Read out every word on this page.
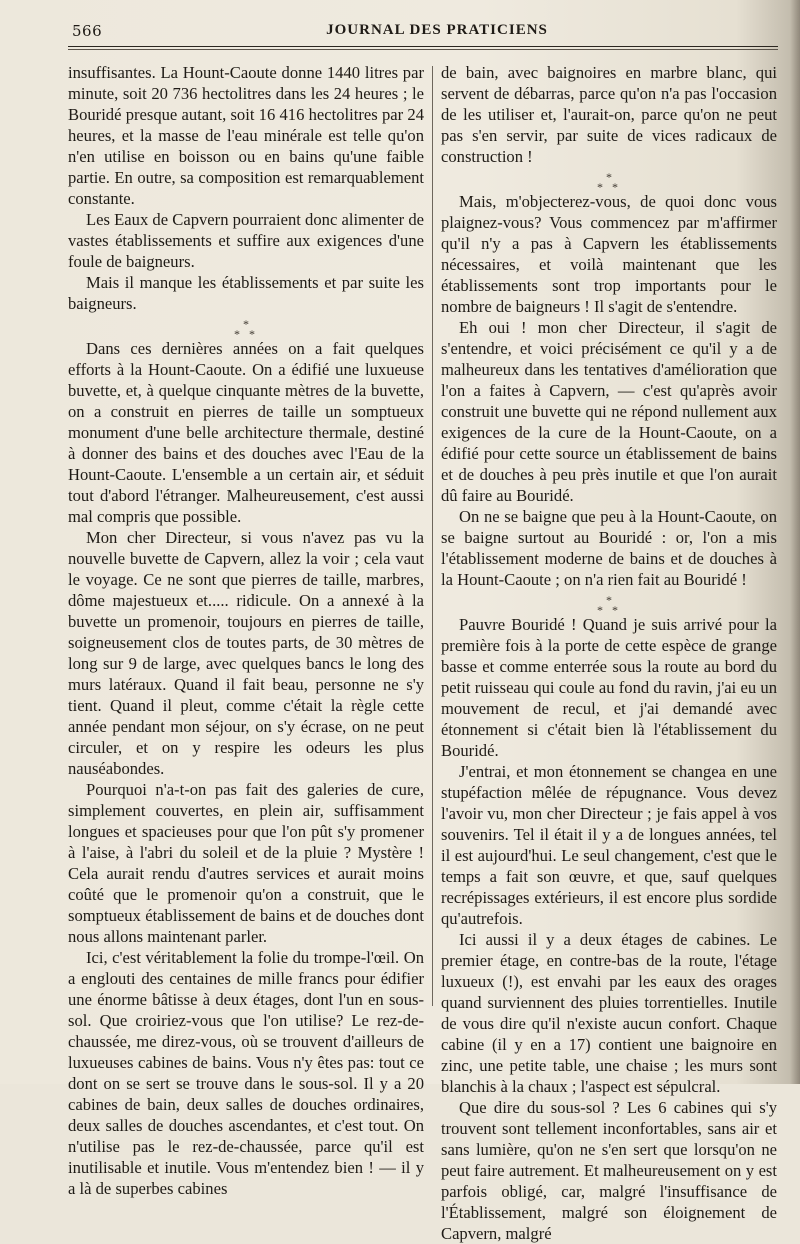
566	JOURNAL DES PRATICIENS

insuffisantes. La Hount-Caoute donne 1440 litres par minute, soit 20 736 hectolitres dans les 24 heures ; le Bouridé presque autant, soit 16 416 hectolitres par 24 heures, et la masse de l'eau minérale est telle qu'on n'en utilise en boisson ou en bains qu'une faible partie. En outre, sa composition est remarquablement constante.

Les Eaux de Capvern pourraient donc alimenter de vastes établissements et suffire aux exigences d'une foule de baigneurs.

Mais il manque les établissements et par suite les baigneurs.

*
* *

Dans ces dernières années on a fait quelques efforts à la Hount-Caoute. On a édifié une luxueuse buvette, et, à quelque cinquante mètres de la buvette, on a construit en pierres de taille un somptueux monument d'une belle architecture thermale, destiné à donner des bains et des douches avec l'Eau de la Hount-Caoute. L'ensemble a un certain air, et séduit tout d'abord l'étranger. Malheureusement, c'est aussi mal compris que possible.

Mon cher Directeur, si vous n'avez pas vu la nouvelle buvette de Capvern, allez la voir ; cela vaut le voyage. Ce ne sont que pierres de taille, marbres, dôme majestueux et..... ridicule. On a annexé à la buvette un promenoir, toujours en pierres de taille, soigneusement clos de toutes parts, de 30 mètres de long sur 9 de large, avec quelques bancs le long des murs latéraux. Quand il fait beau, personne ne s'y tient. Quand il pleut, comme c'était la règle cette année pendant mon séjour, on s'y écrase, on ne peut circuler, et on y respire les odeurs les plus nauséabondes.

Pourquoi n'a-t-on pas fait des galeries de cure, simplement couvertes, en plein air, suffisamment longues et spacieuses pour que l'on pût s'y promener à l'aise, à l'abri du soleil et de la pluie ? Mystère ! Cela aurait rendu d'autres services et aurait moins coûté que le promenoir qu'on a construit, que le somptueux établissement de bains et de douches dont nous allons maintenant parler.

Ici, c'est véritablement la folie du trompe-l'œil. On a englouti des centaines de mille francs pour édifier une énorme bâtisse à deux étages, dont l'un en sous-sol. Que croiriez-vous que l'on utilise? Le rez-de-chaussée, me direz-vous, où se trouvent d'ailleurs de luxueuses cabines de bains. Vous n'y êtes pas: tout ce dont on se sert se trouve dans le sous-sol. Il y a 20 cabines de bain, deux salles de douches ordinaires, deux salles de douches ascendantes, et c'est tout. On n'utilise pas le rez-de-chaussée, parce qu'il est inutilisable et inutile. Vous m'entendez bien ! — il y a là de superbes cabines

de bain, avec baignoires en marbre blanc, qui servent de débarras, parce qu'on n'a pas l'occasion de les utiliser et, l'aurait-on, parce qu'on ne peut pas s'en servir, par suite de vices radicaux de construction !

*
* *

Mais, m'objecterez-vous, de quoi donc vous plaignez-vous? Vous commencez par m'affirmer qu'il n'y a pas à Capvern les établissements nécessaires, et voilà maintenant que les établissements sont trop importants pour le nombre de baigneurs ! Il s'agit de s'entendre.

Eh oui ! mon cher Directeur, il s'agit de s'entendre, et voici précisément ce qu'il y a de malheureux dans les tentatives d'amélioration que l'on a faites à Capvern, — c'est qu'après avoir construit une buvette qui ne répond nullement aux exigences de la cure de la Hount-Caoute, on a édifié pour cette source un établissement de bains et de douches à peu près inutile et que l'on aurait dû faire au Bouridé.

On ne se baigne que peu à la Hount-Caoute, on se baigne surtout au Bouridé : or, l'on a mis l'établissement moderne de bains et de douches à la Hount-Caoute ; on n'a rien fait au Bouridé !

*
* *

Pauvre Bouridé ! Quand je suis arrivé pour la première fois à la porte de cette espèce de grange basse et comme enterrée sous la route au bord du petit ruisseau qui coule au fond du ravin, j'ai eu un mouvement de recul, et j'ai demandé avec étonnement si c'était bien là l'établissement du Bouridé.

J'entrai, et mon étonnement se changea en une stupéfaction mêlée de répugnance. Vous devez l'avoir vu, mon cher Directeur ; je fais appel à vos souvenirs. Tel il était il y a de longues années, tel il est aujourd'hui. Le seul changement, c'est que le temps a fait son œuvre, et que, sauf quelques recrépissages extérieurs, il est encore plus sordide qu'autrefois.

Ici aussi il y a deux étages de cabines. Le premier étage, en contre-bas de la route, l'étage luxueux (!), est envahi par les eaux des orages quand surviennent des pluies torrentielles. Inutile de vous dire qu'il n'existe aucun confort. Chaque cabine (il y en a 17) contient une baignoire en zinc, une petite table, une chaise ; les murs sont blanchis à la chaux ; l'aspect est sépulcral.

Que dire du sous-sol ? Les 6 cabines qui s'y trouvent sont tellement inconfortables, sans air et sans lumière, qu'on ne s'en sert que lorsqu'on ne peut faire autrement. Et malheureusement on y est parfois obligé, car, malgré l'insuffisance de l'Établissement, malgré son éloignement de Capvern, malgré
